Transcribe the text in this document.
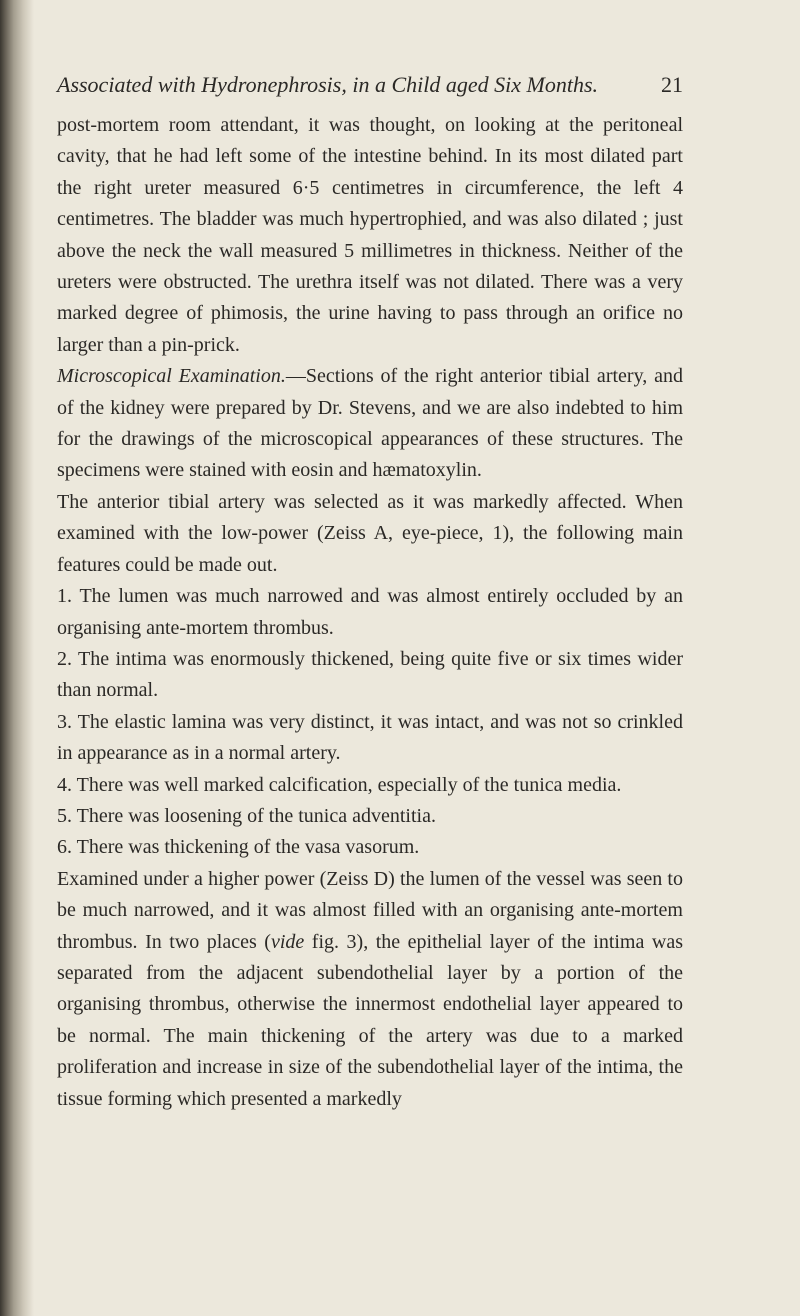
Associated with Hydronephrosis, in a Child aged Six Months.	21

post-mortem room attendant, it was thought, on looking at the peritoneal cavity, that he had left some of the intestine behind. In its most dilated part the right ureter measured 6·5 centimetres in circumference, the left 4 centimetres. The bladder was much hypertrophied, and was also dilated ; just above the neck the wall measured 5 millimetres in thickness. Neither of the ureters were obstructed. The urethra itself was not dilated. There was a very marked degree of phimosis, the urine having to pass through an orifice no larger than a pin-prick.

Microscopical Examination.—Sections of the right anterior tibial artery, and of the kidney were prepared by Dr. Stevens, and we are also indebted to him for the drawings of the microscopical appearances of these structures. The specimens were stained with eosin and hæmatoxylin.

The anterior tibial artery was selected as it was markedly affected. When examined with the low-power (Zeiss A, eye-piece, 1), the following main features could be made out.

1. The lumen was much narrowed and was almost entirely occluded by an organising ante-mortem thrombus.

2. The intima was enormously thickened, being quite five or six times wider than normal.

3. The elastic lamina was very distinct, it was intact, and was not so crinkled in appearance as in a normal artery.

4. There was well marked calcification, especially of the tunica media.

5. There was loosening of the tunica adventitia.

6. There was thickening of the vasa vasorum.

Examined under a higher power (Zeiss D) the lumen of the vessel was seen to be much narrowed, and it was almost filled with an organising ante-mortem thrombus. In two places (vide fig. 3), the epithelial layer of the intima was separated from the adjacent subendothelial layer by a portion of the organising thrombus, otherwise the innermost endothelial layer appeared to be normal. The main thickening of the artery was due to a marked proliferation and increase in size of the subendothelial layer of the intima, the tissue forming which presented a markedly
